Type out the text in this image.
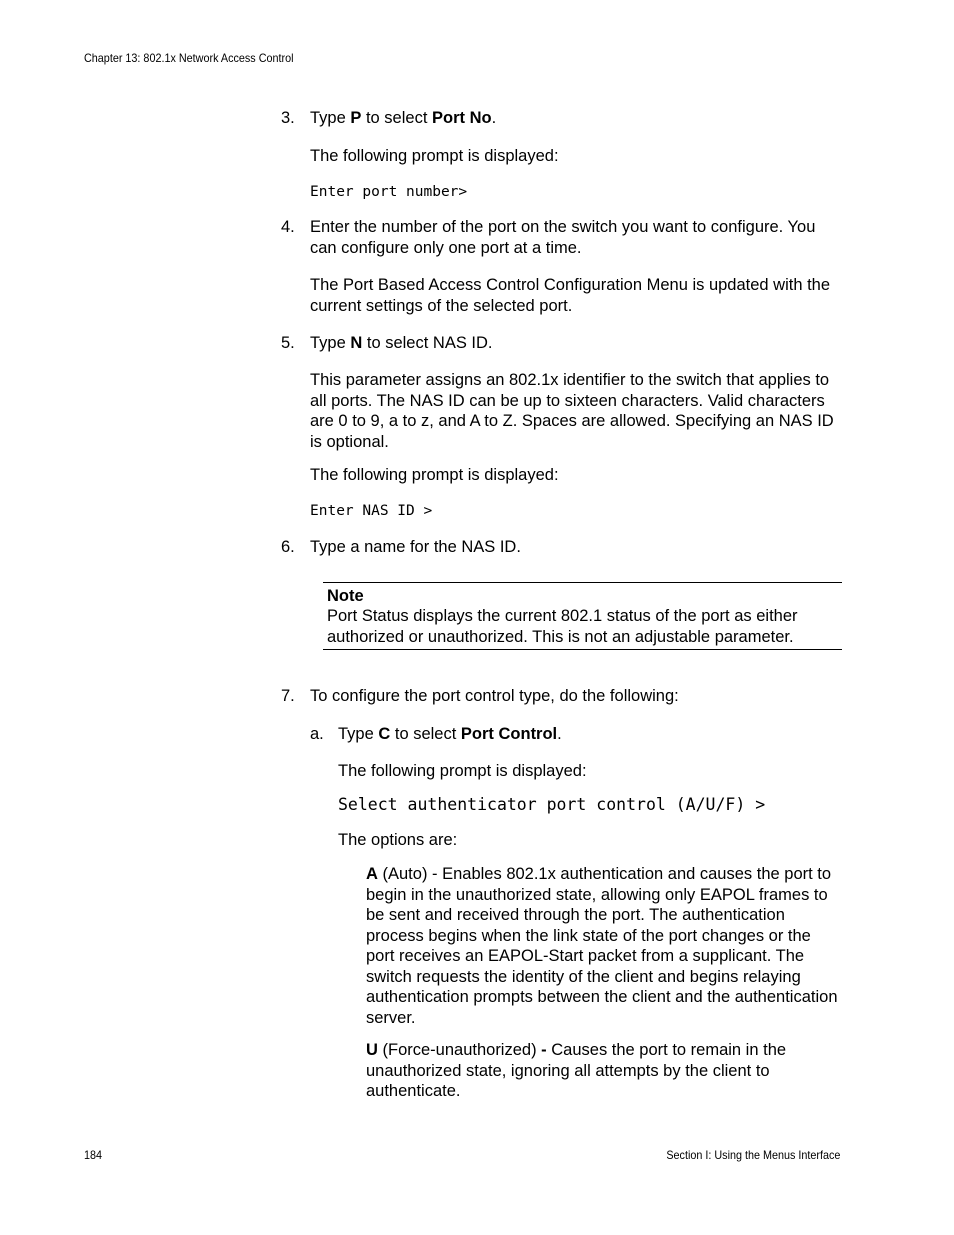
Chapter 13: 802.1x Network Access Control
3. Type P to select Port No.
The following prompt is displayed:
Enter port number>
4. Enter the number of the port on the switch you want to configure. You can configure only one port at a time.
The Port Based Access Control Configuration Menu is updated with the current settings of the selected port.
5. Type N to select NAS ID.
This parameter assigns an 802.1x identifier to the switch that applies to all ports. The NAS ID can be up to sixteen characters. Valid characters are 0 to 9, a to z, and A to Z. Spaces are allowed. Specifying an NAS ID is optional.
The following prompt is displayed:
Enter NAS ID >
6. Type a name for the NAS ID.
Note
Port Status displays the current 802.1 status of the port as either authorized or unauthorized. This is not an adjustable parameter.
7. To configure the port control type, do the following:
a. Type C to select Port Control.
The following prompt is displayed:
Select authenticator port control (A/U/F) >
The options are:
A (Auto) - Enables 802.1x authentication and causes the port to begin in the unauthorized state, allowing only EAPOL frames to be sent and received through the port. The authentication process begins when the link state of the port changes or the port receives an EAPOL-Start packet from a supplicant. The switch requests the identity of the client and begins relaying authentication prompts between the client and the authentication server.
U (Force-unauthorized) - Causes the port to remain in the unauthorized state, ignoring all attempts by the client to authenticate.
184	Section I: Using the Menus Interface
